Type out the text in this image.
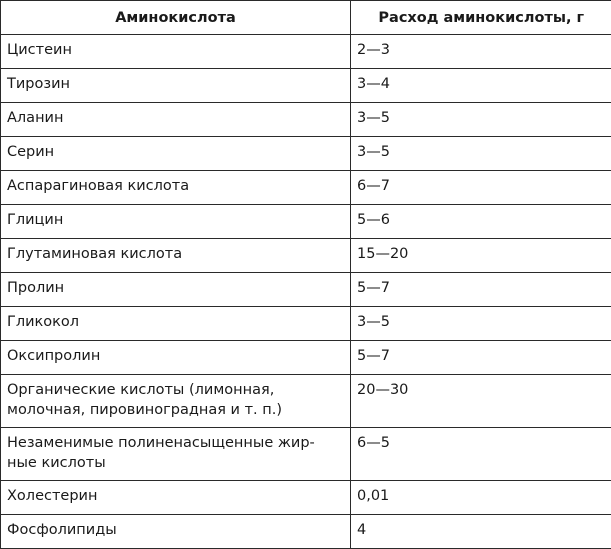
Аминокислота	Расход аминокислоты, г
Цистеин	2—3
Тирозин	3—4
Аланин	3—5
Серин	3—5
Аспарагиновая кислота	6—7
Глицин	5—6
Глутаминовая кислота	15—20
Пролин	5—7
Гликокол	3—5
Оксипролин	5—7
Органические кислоты (лимонная, молочная, пировиноградная и т. п.)	20—30
Незаменимые полиненасыщенные жир-ные кислоты	6—5
Холестерин	0,01
Фосфолипиды	4
